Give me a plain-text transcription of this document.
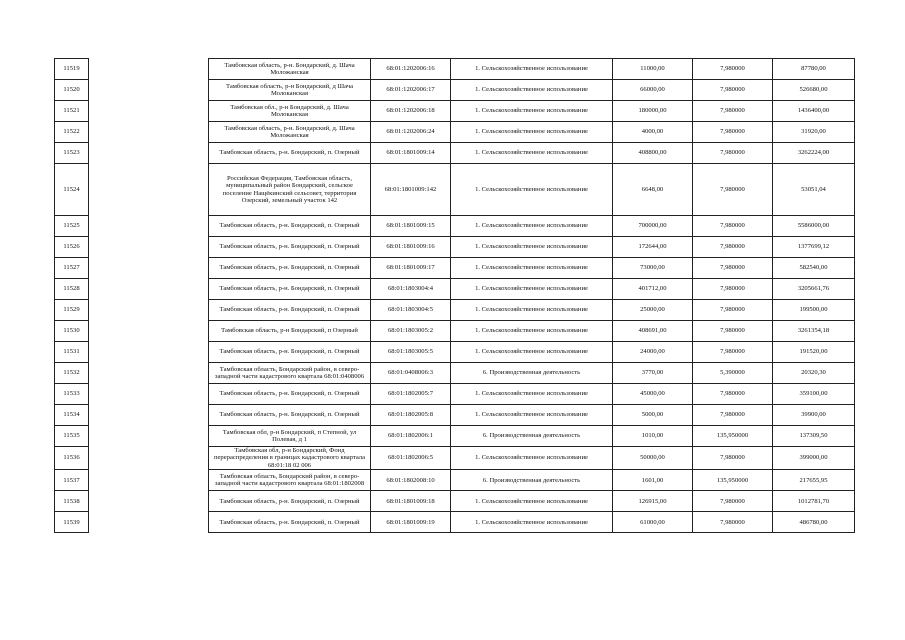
11519		Тамбовская область, р-н. Бондарский, д. Шача Моложанская	68:01:1202006:16	1. Сельскохозяйственное использование	11000,00	7,980000	87780,00
11520		Тамбовская область, р-н Бондарский, д Шача Молоканская	68:01:1202006:17	1. Сельскохозяйственное использование	66000,00	7,980000	526680,00
11521		Тамбовская обл., р-н Бондарский, д. Шача Молоканская	68:01:1202006:18	1. Сельскохозяйственное использование	180000,00	7,980000	1436400,00
11522		Тамбовская область, р-н. Бондарский, д. Шача Моложанская	68:01:1202006:24	1. Сельскохозяйственное использование	4000,00	7,980000	31920,00
11523		Тамбовская область, р-н. Бондарский, п. Озерный	68:01:1801009:14	1. Сельскохозяйственное использование	408800,00	7,980000	3262224,00
11524		Российская Федерация, Тамбовская область, муниципальный район Бондарский, сельское поселение Нащёкинский сельсовет, территория Озерский, земельный участок 142	68:01:1801009:142	1. Сельскохозяйственное использование	6648,00	7,980000	53051,04
11525		Тамбовская область, р-н. Бондарский, п. Озерный	68:01:1801009:15	1. Сельскохозяйственное использование	700000,00	7,980000	5586000,00
11526		Тамбовская область, р-н. Бондарский, п. Озерный	68:01:1801009:16	1. Сельскохозяйственное использование	172644,00	7,980000	1377699,12
11527		Тамбовская область, р-н. Бондарский, п. Озерный	68:01:1801009:17	1. Сельскохозяйственное использование	73000,00	7,980000	582540,00
11528		Тамбовская область, р-н. Бондарский, п. Озерный	68:01:1803004:4	1. Сельскохозяйственное использование	401712,00	7,980000	3205661,76
11529		Тамбовская область, р-н. Бондарский, п. Озерный	68:01:1803004:5	1. Сельскохозяйственное использование	25000,00	7,980000	199500,00
11530		Тамбовская область, р-н Бондарский, п Озерный	68:01:1803005:2	1. Сельскохозяйственное использование	408691,00	7,980000	3261354,18
11531		Тамбовская область, р-н. Бондарский, п. Озерный	68:01:1803005:5	1. Сельскохозяйственное использование	24000,00	7,980000	191520,00
11532		Тамбовская область, Бондарский район, в северо-западной части кадастрового квартала 68:01:0408006	68:01:0408006:3	6. Производственная деятельность	3770,00	5,390000	20320,30
11533		Тамбовская область, р-н. Бондарский, п. Озерный	68:01:1802005:7	1. Сельскохозяйственное использование	45000,00	7,980000	359100,00
11534		Тамбовская область, р-н. Бондарский, п. Озерный	68:01:1802005:8	1. Сельскохозяйственное использование	5000,00	7,980000	39900,00
11535		Тамбовская обл, р-н Бондарский, п Степной, ул Полевая, д 1	68:01:1802006:1	6. Производственная деятельность	1010,00	135,950000	137309,50
11536		Тамбовская обл, р-н Бондарский, Фонд перераспределения в границах кадастрового квартала 68:01:18 02 006	68:01:1802006:5	1. Сельскохозяйственное использование	50000,00	7,980000	399000,00
11537		Тамбовская область, Бондарский район, в северо-западной части кадастрового квартала 68:01:1802008	68:01:1802008:10	6. Производственная деятельность	1601,00	135,950000	217655,95
11538		Тамбовская область, р-н. Бондарский, п. Озерный	68:01:1801009:18	1. Сельскохозяйственное использование	126915,00	7,980000	1012781,70
11539		Тамбовская область, р-н. Бондарский, п. Озерный	68:01:1801009:19	1. Сельскохозяйственное использование	61000,00	7,980000	486780,00
